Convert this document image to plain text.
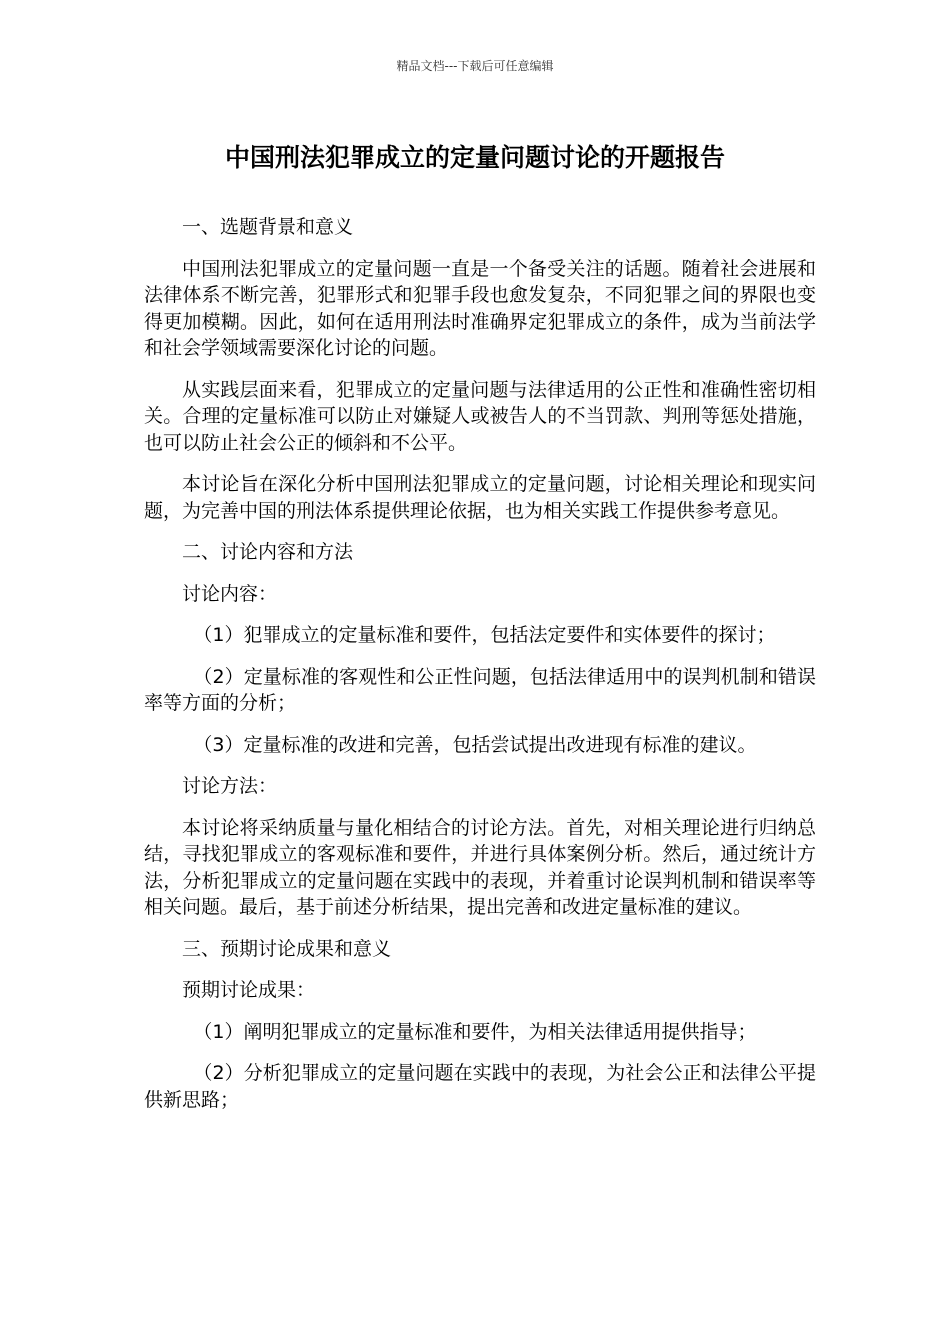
精品文档---下载后可任意编辑
中国刑法犯罪成立的定量问题讨论的开题报告

一、选题背景和意义

中国刑法犯罪成立的定量问题一直是一个备受关注的话题。随着社会进展和法律体系不断完善，犯罪形式和犯罪手段也愈发复杂，不同犯罪之间的界限也变得更加模糊。因此，如何在适用刑法时准确界定犯罪成立的条件，成为当前法学和社会学领域需要深化讨论的问题。

从实践层面来看，犯罪成立的定量问题与法律适用的公正性和准确性密切相关。合理的定量标准可以防止对嫌疑人或被告人的不当罚款、判刑等惩处措施，也可以防止社会公正的倾斜和不公平。

本讨论旨在深化分析中国刑法犯罪成立的定量问题，讨论相关理论和现实问题，为完善中国的刑法体系提供理论依据，也为相关实践工作提供参考意见。

二、讨论内容和方法

讨论内容：

（1）犯罪成立的定量标准和要件，包括法定要件和实体要件的探讨；

（2）定量标准的客观性和公正性问题，包括法律适用中的误判机制和错误率等方面的分析；

（3）定量标准的改进和完善，包括尝试提出改进现有标准的建议。

讨论方法：

本讨论将采纳质量与量化相结合的讨论方法。首先，对相关理论进行归纳总结，寻找犯罪成立的客观标准和要件，并进行具体案例分析。然后，通过统计方法，分析犯罪成立的定量问题在实践中的表现，并着重讨论误判机制和错误率等相关问题。最后，基于前述分析结果，提出完善和改进定量标准的建议。

三、预期讨论成果和意义

预期讨论成果：

（1）阐明犯罪成立的定量标准和要件，为相关法律适用提供指导；

（2）分析犯罪成立的定量问题在实践中的表现，为社会公正和法律公平提供新思路；
